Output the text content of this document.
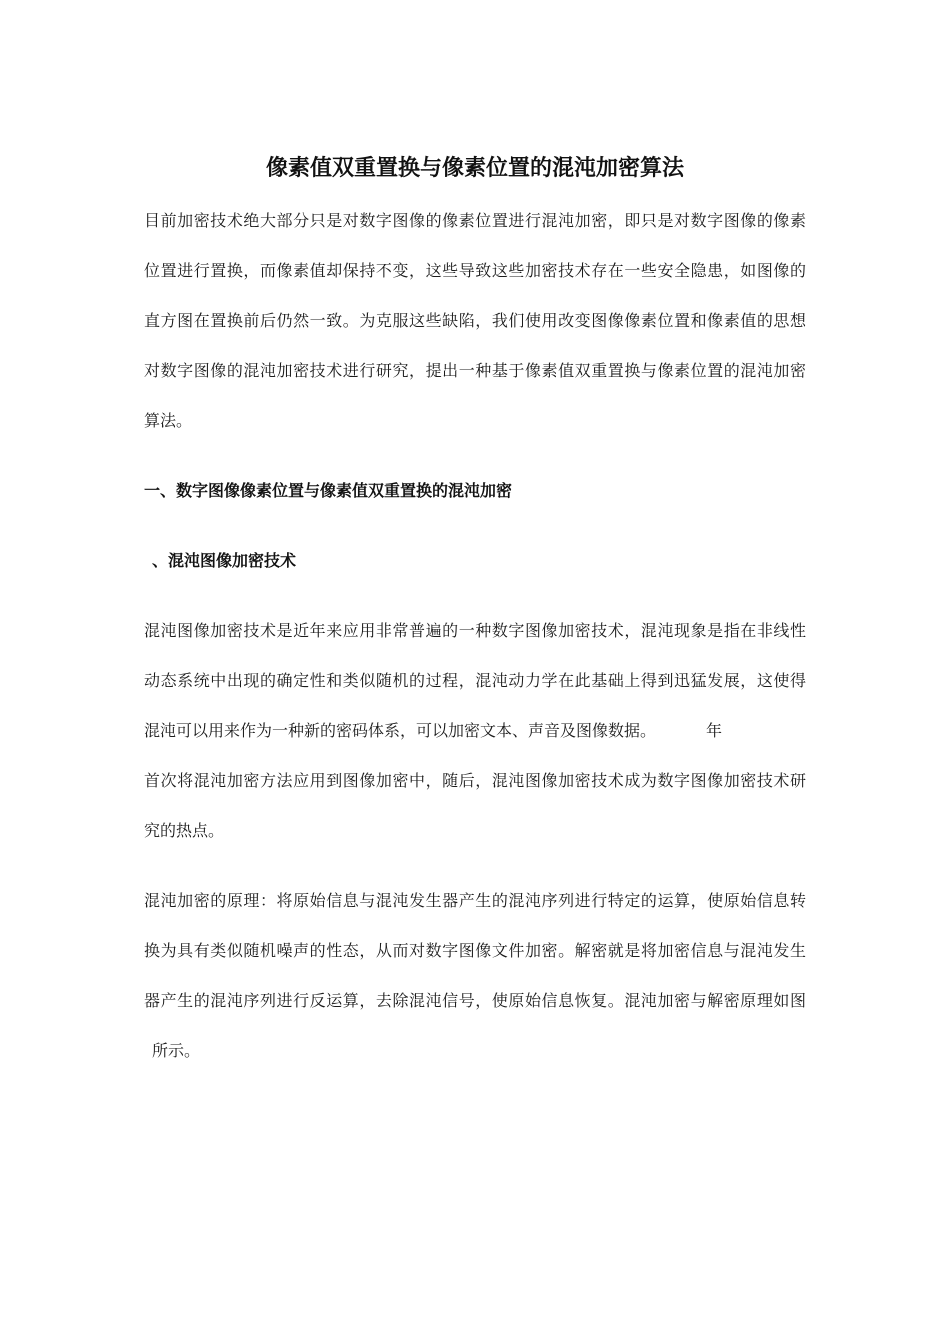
像素值双重置换与像素位置的混沌加密算法
目前加密技术绝大部分只是对数字图像的像素位置进行混沌加密，即只是对数字图像的像素
位置进行置换，而像素值却保持不变，这些导致这些加密技术存在一些安全隐患，如图像的
直方图在置换前后仍然一致。为克服这些缺陷，我们使用改变图像像素位置和像素值的思想
对数字图像的混沌加密技术进行研究，提出一种基于像素值双重置换与像素位置的混沌加密
算法。
一、数字图像像素位置与像素值双重置换的混沌加密
、混沌图像加密技术
混沌图像加密技术是近年来应用非常普遍的一种数字图像加密技术，混沌现象是指在非线性
动态系统中出现的确定性和类似随机的过程，混沌动力学在此基础上得到迅猛发展，这使得
混沌可以用来作为一种新的密码体系，可以加密文本、声音及图像数据。	年
首次将混沌加密方法应用到图像加密中，随后，混沌图像加密技术成为数字图像加密技术研
究的热点。
混沌加密的原理：将原始信息与混沌发生器产生的混沌序列进行特定的运算，使原始信息转
换为具有类似随机噪声的性态，从而对数字图像文件加密。解密就是将加密信息与混沌发生
器产生的混沌序列进行反运算，去除混沌信号，使原始信息恢复。混沌加密与解密原理如图
所示。
